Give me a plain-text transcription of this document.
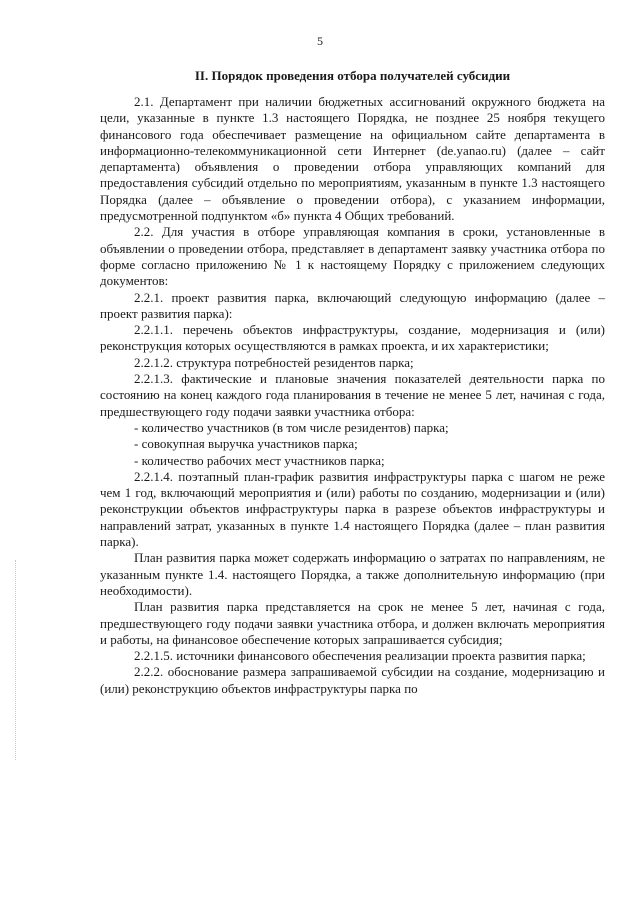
5
II. Порядок проведения отбора получателей субсидии

2.1. Департамент при наличии бюджетных ассигнований окружного бюджета на цели, указанные в пункте 1.3 настоящего Порядка, не позднее 25 ноября текущего финансового года обеспечивает размещение на официальном сайте департамента в информационно-телекоммуникационной сети Интернет (de.yanao.ru) (далее – сайт департамента) объявления о проведении отбора управляющих компаний для предоставления субсидий отдельно по мероприятиям, указанным в пункте 1.3 настоящего Порядка (далее – объявление о проведении отбора), с указанием информации, предусмотренной подпунктом «б» пункта 4 Общих требований.

2.2. Для участия в отборе управляющая компания в сроки, установленные в объявлении о проведении отбора, представляет в департамент заявку участника отбора по форме согласно приложению № 1 к настоящему Порядку с приложением следующих документов:

2.2.1. проект развития парка, включающий следующую информацию (далее – проект развития парка):

2.2.1.1. перечень объектов инфраструктуры, создание, модернизация и (или) реконструкция которых осуществляются в рамках проекта, и их характеристики;

2.2.1.2. структура потребностей резидентов парка;

2.2.1.3. фактические и плановые значения показателей деятельности парка по состоянию на конец каждого года планирования в течение не менее 5 лет, начиная с года, предшествующего году подачи заявки участника отбора:

- количество участников (в том числе резидентов) парка;

- совокупная выручка участников парка;

- количество рабочих мест участников парка;

2.2.1.4. поэтапный план-график развития инфраструктуры парка с шагом не реже чем 1 год, включающий мероприятия и (или) работы по созданию, модернизации и (или) реконструкции объектов инфраструктуры парка в разрезе объектов инфраструктуры и направлений затрат, указанных в пункте 1.4 настоящего Порядка (далее – план развития парка).

План развития парка может содержать информацию о затратах по направлениям, не указанным пункте 1.4. настоящего Порядка, а также дополнительную информацию (при необходимости).

План развития парка представляется на срок не менее 5 лет, начиная с года, предшествующего году подачи заявки участника отбора, и должен включать мероприятия и работы, на финансовое обеспечение которых запрашивается субсидия;

2.2.1.5. источники финансового обеспечения реализации проекта развития парка;

2.2.2. обоснование размера запрашиваемой субсидии на создание, модернизацию и (или) реконструкцию объектов инфраструктуры парка по
